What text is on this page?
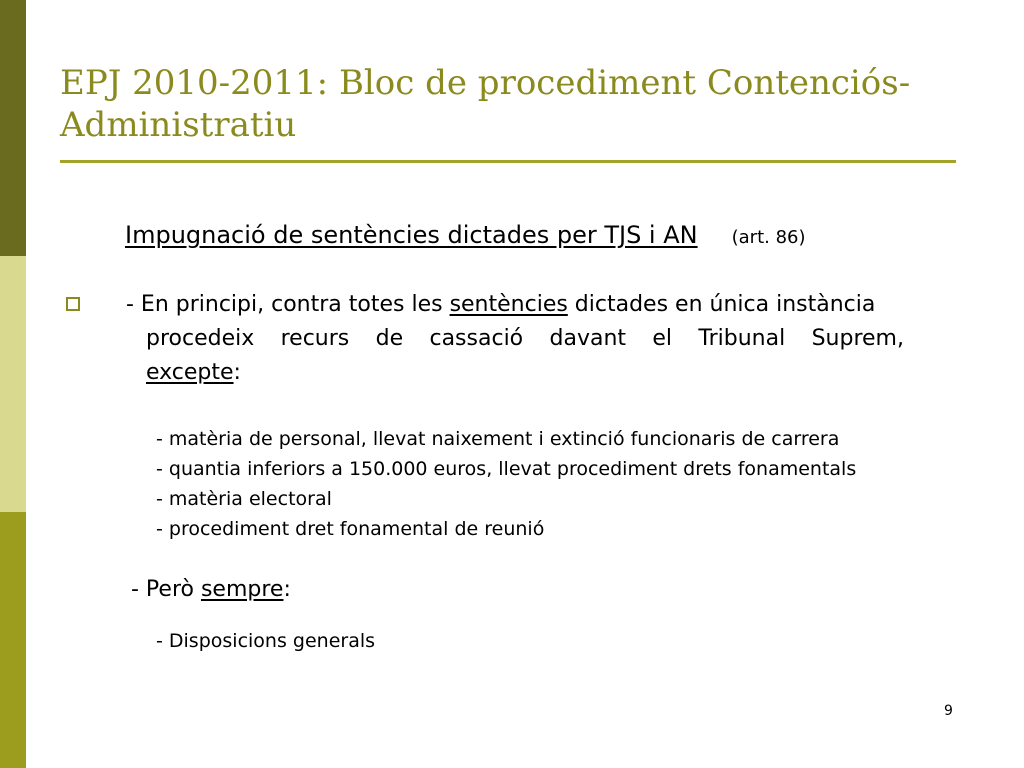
EPJ 2010-2011: Bloc de procediment Contenciós-Administratiu
Impugnació de sentències dictades per TJS i AN (art. 86)
- En principi, contra totes les sentències dictades en única instància
procedeix recurs de cassació davant el Tribunal Suprem,
excepte:
- matèria de personal, llevat naixement i extinció funcionaris de carrera
- quantia inferiors a 150.000 euros, llevat procediment drets fonamentals
- matèria electoral
- procediment dret fonamental de reunió
- Però sempre:
- Disposicions generals
9
